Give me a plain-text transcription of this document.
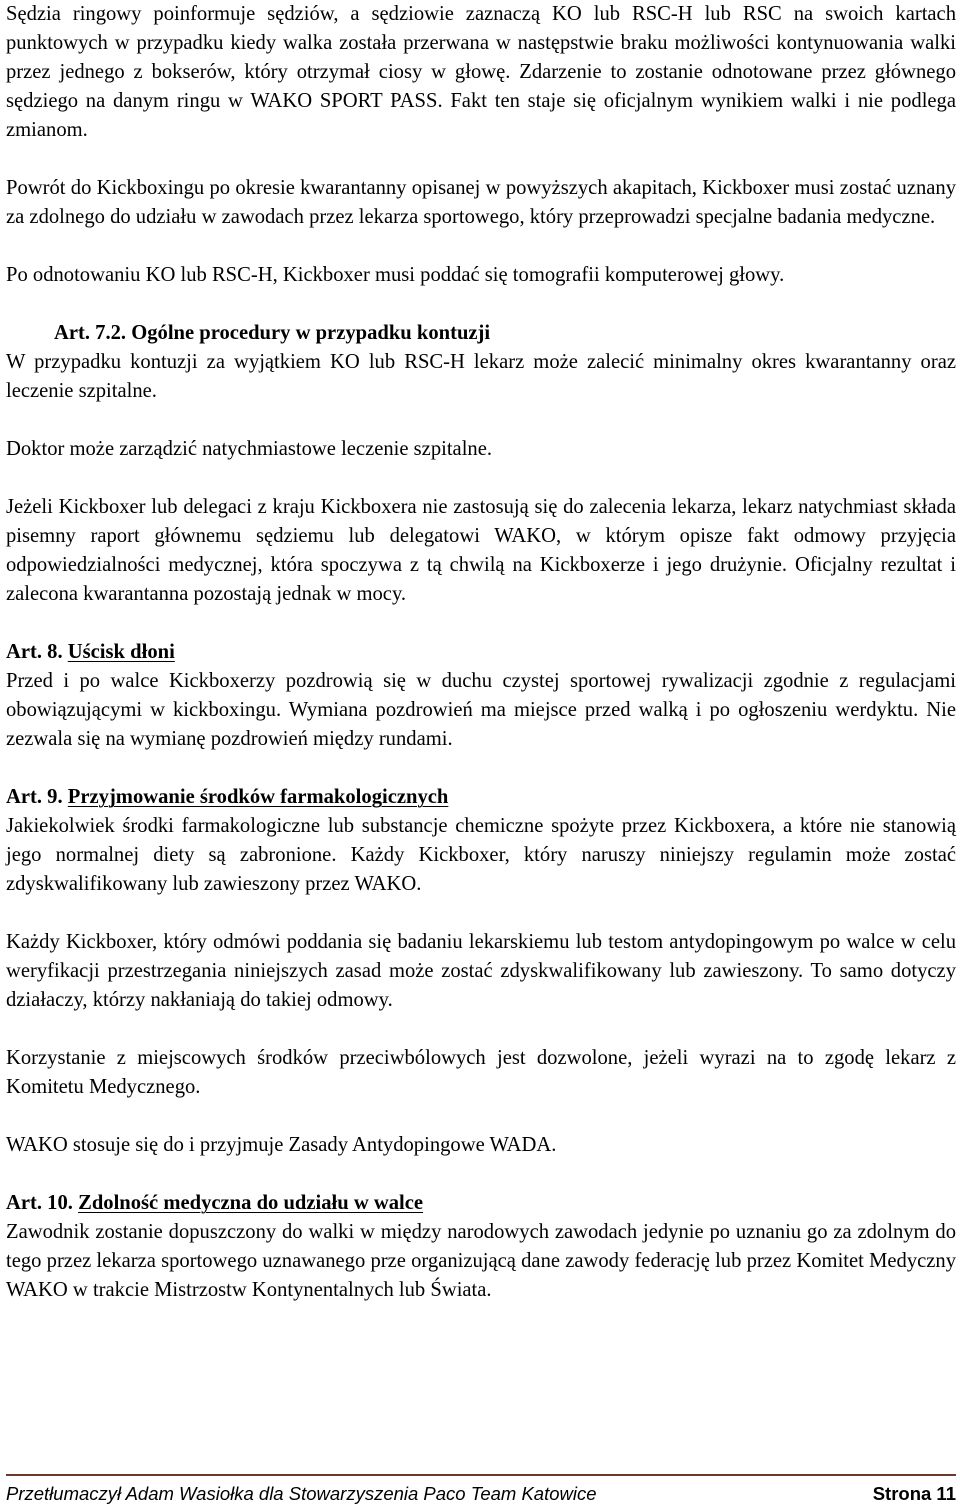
Sędzia ringowy poinformuje sędziów, a sędziowie zaznaczą KO lub RSC-H lub RSC na swoich kartach punktowych w przypadku kiedy walka została przerwana w następstwie braku możliwości kontynuowania walki przez jednego z bokserów, który otrzymał ciosy w głowę. Zdarzenie to zostanie odnotowane przez głównego sędziego na danym ringu w WAKO SPORT PASS. Fakt ten staje się oficjalnym wynikiem walki i nie podlega zmianom.

Powrót do Kickboxingu po okresie kwarantanny opisanej w powyższych akapitach, Kickboxer musi zostać uznany za zdolnego do udziału w zawodach przez lekarza sportowego, który przeprowadzi specjalne badania medyczne.

Po odnotowaniu KO lub RSC-H, Kickboxer musi poddać się tomografii komputerowej głowy.

Art. 7.2. Ogólne procedury w przypadku kontuzji

W przypadku kontuzji za wyjątkiem KO lub RSC-H lekarz może zalecić minimalny okres kwarantanny oraz leczenie szpitalne.

Doktor może zarządzić natychmiastowe leczenie szpitalne.

Jeżeli Kickboxer lub delegaci z kraju Kickboxera nie zastosują się do zalecenia lekarza, lekarz natychmiast składa pisemny raport głównemu sędziemu lub delegatowi WAKO, w którym opisze fakt odmowy przyjęcia odpowiedzialności medycznej, która spoczywa z tą chwilą na Kickboxerze i jego drużynie. Oficjalny rezultat i zalecona kwarantanna pozostają jednak w mocy.

Art. 8. Uścisk dłoni

Przed i po walce Kickboxerzy pozdrowią się w duchu czystej sportowej rywalizacji zgodnie z regulacjami obowiązującymi w kickboxingu. Wymiana pozdrowień ma miejsce przed walką i po ogłoszeniu werdyktu. Nie zezwala się na wymianę pozdrowień między rundami.

Art. 9. Przyjmowanie środków farmakologicznych

Jakiekolwiek środki farmakologiczne lub substancje chemiczne spożyte przez Kickboxera, a które nie stanowią jego normalnej diety są zabronione. Każdy Kickboxer, który naruszy niniejszy regulamin może zostać zdyskwalifikowany lub zawieszony przez WAKO.

Każdy Kickboxer, który odmówi poddania się badaniu lekarskiemu lub testom antydopingowym po walce w celu weryfikacji przestrzegania niniejszych zasad może zostać zdyskwalifikowany lub zawieszony. To samo dotyczy działaczy, którzy nakłaniają do takiej odmowy.

Korzystanie z miejscowych środków przeciwbólowych jest dozwolone, jeżeli wyrazi na to zgodę lekarz z Komitetu Medycznego.

WAKO stosuje się do i przyjmuje Zasady Antydopingowe WADA.

Art. 10. Zdolność medyczna do udziału w walce

Zawodnik zostanie dopuszczony do walki w między narodowych zawodach jedynie po uznaniu go za zdolnym do tego przez lekarza sportowego uznawanego prze organizującą dane zawody federację lub przez Komitet Medyczny WAKO w trakcie Mistrzostw Kontynentalnych lub Świata.

Przetłumaczył Adam Wasiołka dla Stowarzyszenia Paco Team Katowice	Strona 11
